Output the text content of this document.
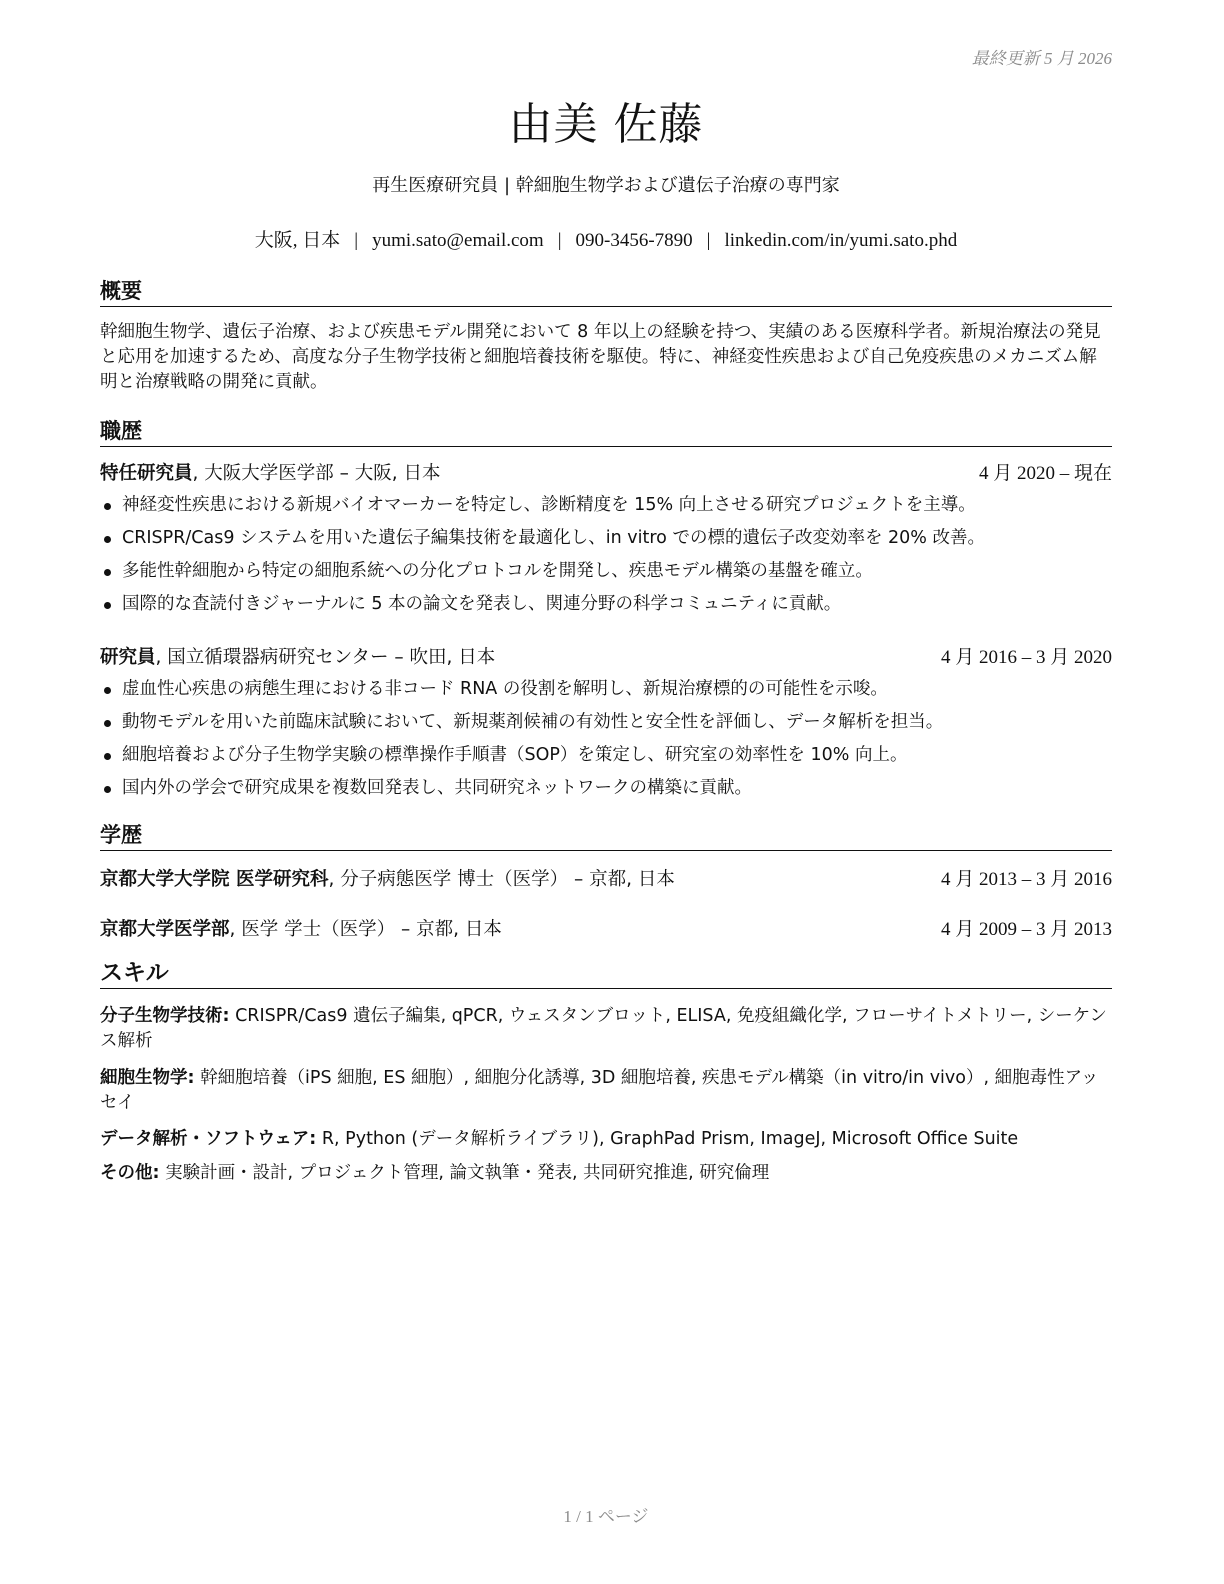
最終更新 5 月 2026
由美 佐藤
再生医療研究員 | 幹細胞生物学および遺伝子治療の専門家
大阪, 日本 | yumi.sato@email.com | 090-3456-7890 | linkedin.com/in/yumi.sato.phd
概要
幹細胞生物学、遺伝子治療、および疾患モデル開発において 8 年以上の経験を持つ、実績のある医療科学者。新規治療法の発見と応用を加速するため、高度な分子生物学技術と細胞培養技術を駆使。特に、神経変性疾患および自己免疫疾患のメカニズム解明と治療戦略の開発に貢献。
職歴
特任研究員, 大阪大学医学部 – 大阪, 日本	4 月 2020 – 現在
神経変性疾患における新規バイオマーカーを特定し、診断精度を 15% 向上させる研究プロジェクトを主導。
CRISPR/Cas9 システムを用いた遺伝子編集技術を最適化し、in vitro での標的遺伝子改変効率を 20% 改善。
多能性幹細胞から特定の細胞系統への分化プロトコルを開発し、疾患モデル構築の基盤を確立。
国際的な査読付きジャーナルに 5 本の論文を発表し、関連分野の科学コミュニティに貢献。
研究員, 国立循環器病研究センター – 吹田, 日本	4 月 2016 – 3 月 2020
虚血性心疾患の病態生理における非コード RNA の役割を解明し、新規治療標的の可能性を示唆。
動物モデルを用いた前臨床試験において、新規薬剤候補の有効性と安全性を評価し、データ解析を担当。
細胞培養および分子生物学実験の標準操作手順書（SOP）を策定し、研究室の効率性を 10% 向上。
国内外の学会で研究成果を複数回発表し、共同研究ネットワークの構築に貢献。
学歴
京都大学大学院 医学研究科, 分子病態医学 博士（医学） – 京都, 日本	4 月 2013 – 3 月 2016
京都大学医学部, 医学 学士（医学） – 京都, 日本	4 月 2009 – 3 月 2013
スキル
分子生物学技術: CRISPR/Cas9 遺伝子編集, qPCR, ウェスタンブロット, ELISA, 免疫組織化学, フローサイトメトリー, シーケンス解析
細胞生物学: 幹細胞培養（iPS 細胞, ES 細胞）, 細胞分化誘導, 3D 細胞培養, 疾患モデル構築（in vitro/in vivo）, 細胞毒性アッセイ
データ解析・ソフトウェア: R, Python (データ解析ライブラリ), GraphPad Prism, ImageJ, Microsoft Office Suite
その他: 実験計画・設計, プロジェクト管理, 論文執筆・発表, 共同研究推進, 研究倫理
1 / 1 ページ
